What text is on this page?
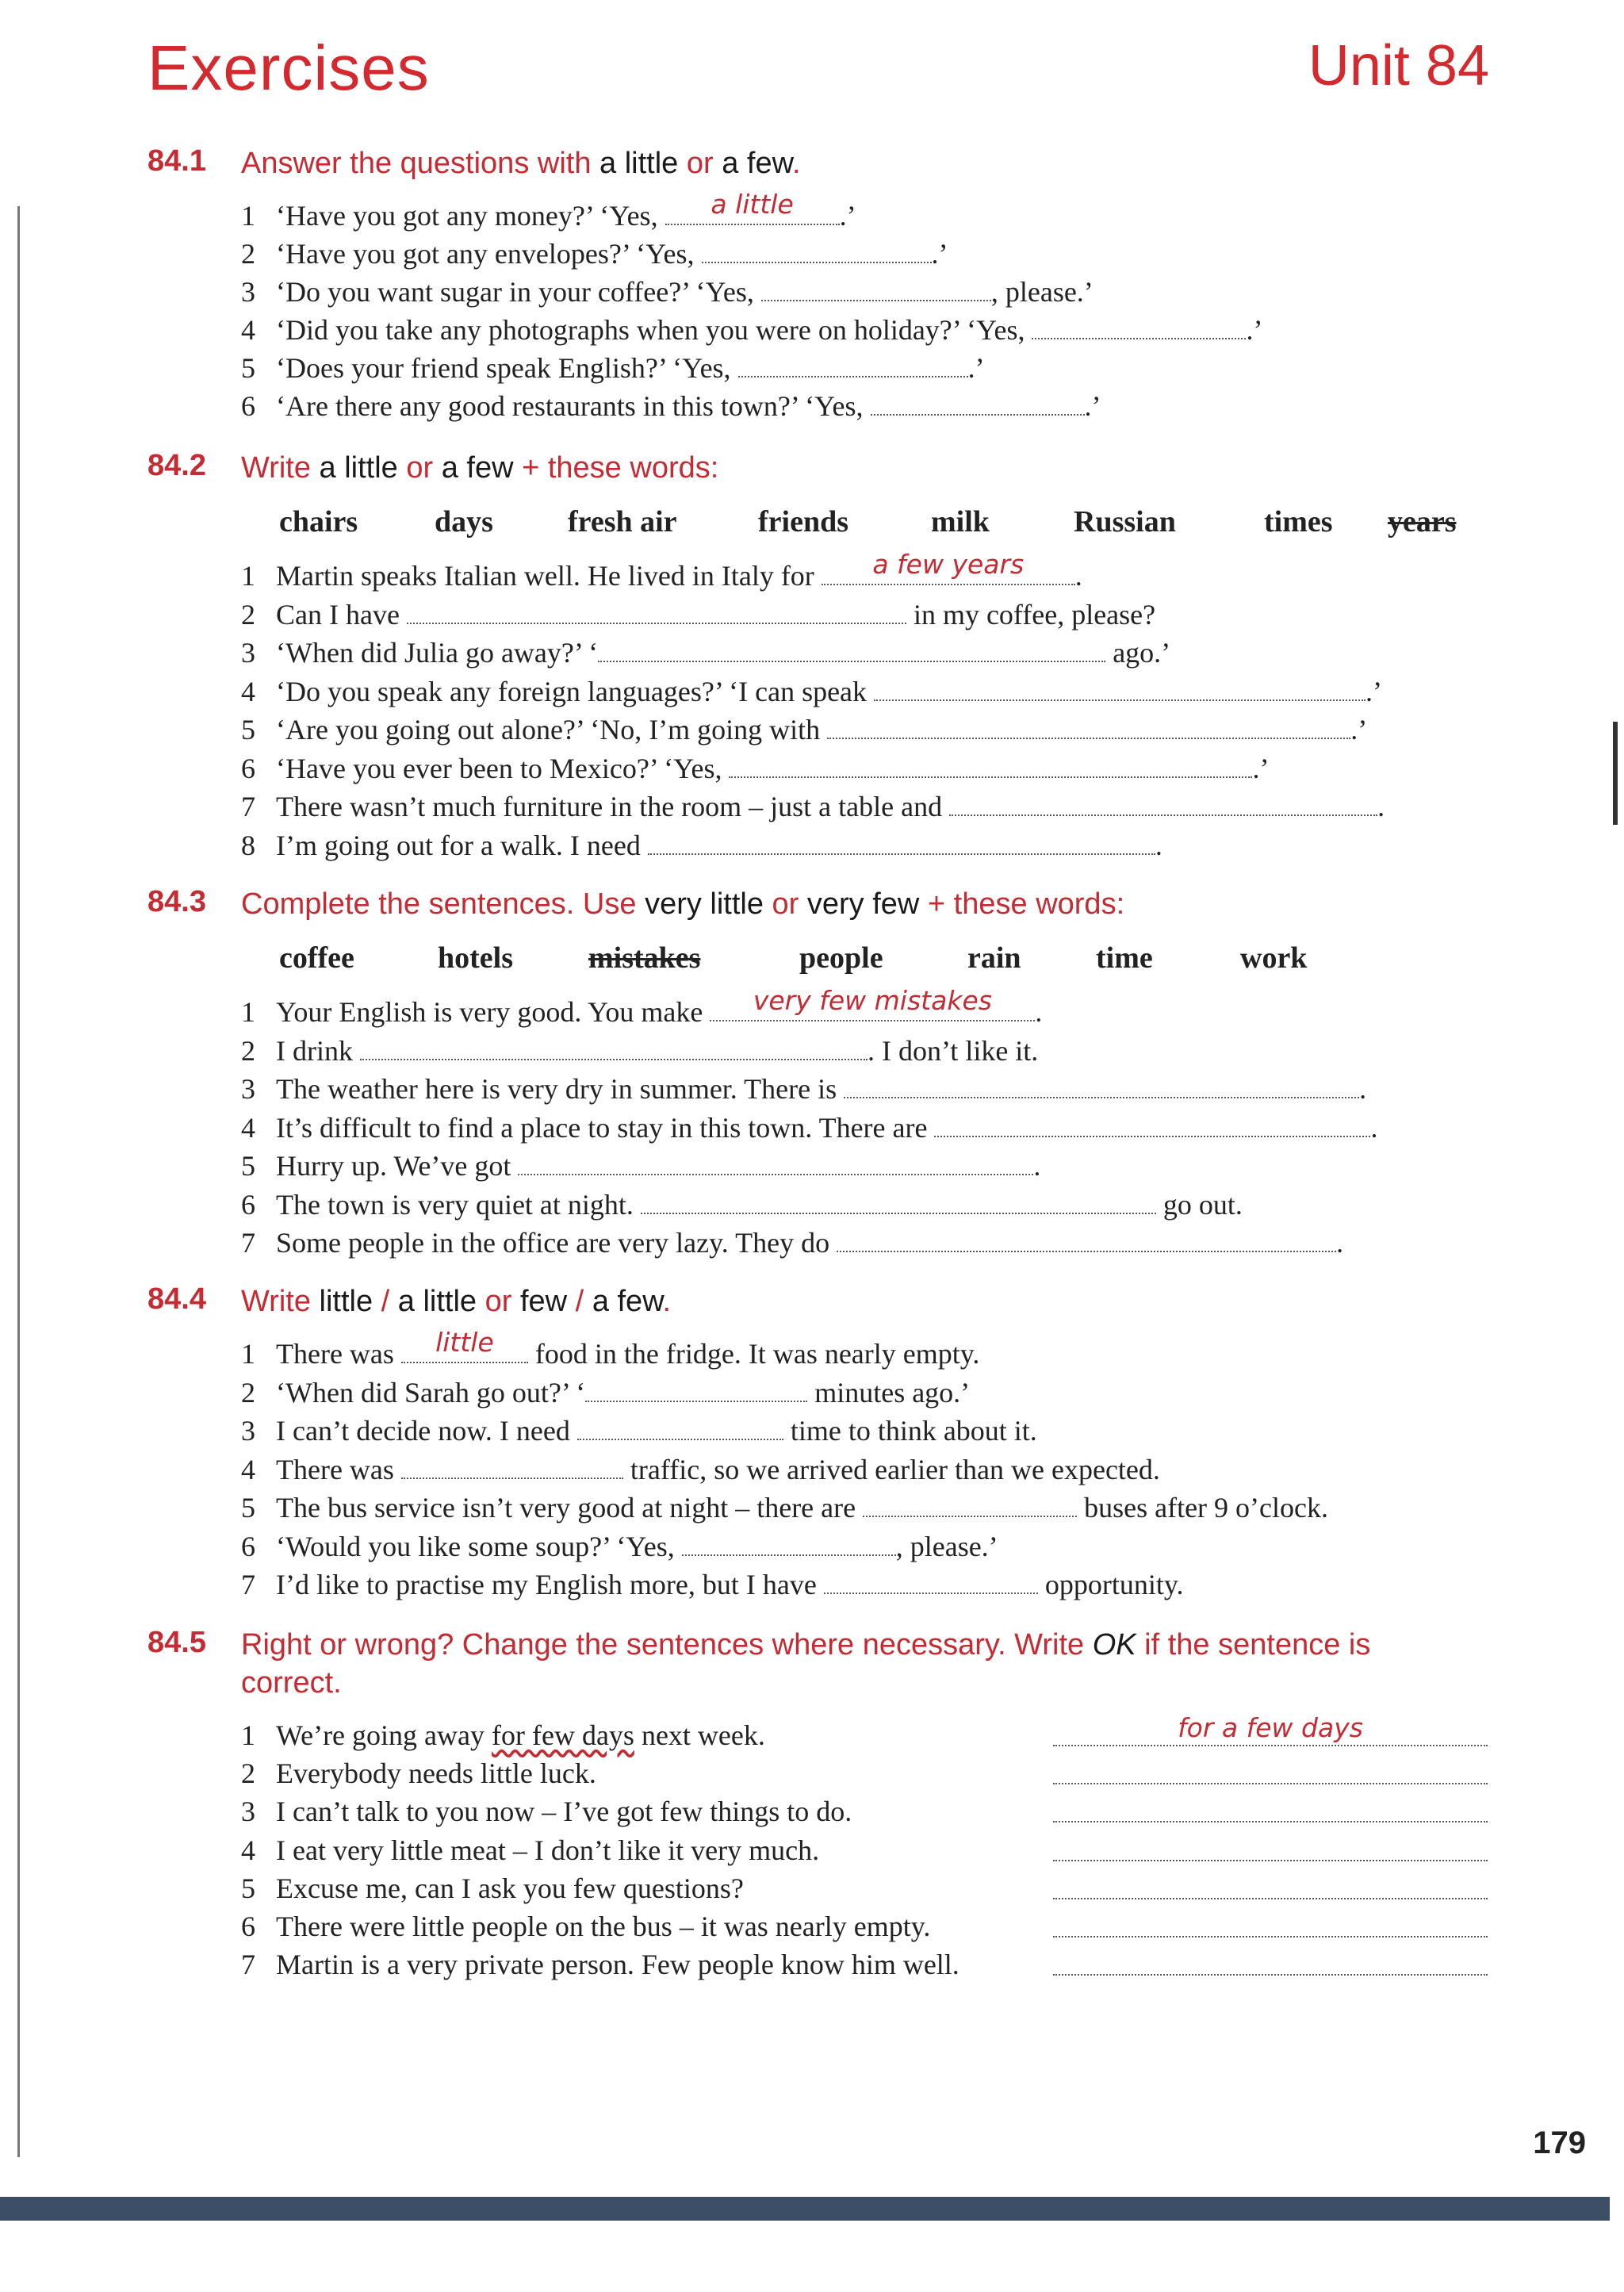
Exercises	Unit 84
84.1 Answer the questions with a little or a few.
1 ‘Have you got any money?’ ‘Yes,	a little	.’
2 ‘Have you got any envelopes?’ ‘Yes,	.’
3 ‘Do you want sugar in your coffee?’ ‘Yes,	, please.’
4 ‘Did you take any photographs when you were on holiday?’ ‘Yes,	.’
5 ‘Does your friend speak English?’ ‘Yes,	.’
6 ‘Are there any good restaurants in this town?’ ‘Yes,	.’
84.2 Write a little or a few + these words:
chairs	days	fresh air	friends	milk	Russian	times	years
1 Martin speaks Italian well. He lived in Italy for	a few years	.
2 Can I have	in my coffee, please?
3 ‘When did Julia go away?’ ‘	ago.’
4 ‘Do you speak any foreign languages?’ ‘I can speak	.’
5 ‘Are you going out alone?’ ‘No, I’m going with	.’
6 ‘Have you ever been to Mexico?’ ‘Yes,	.’
7 There wasn’t much furniture in the room – just a table and	.
8 I’m going out for a walk. I need	.
84.3 Complete the sentences. Use very little or very few + these words:
coffee	hotels	mistakes	people	rain	time	work
1 Your English is very good. You make	very few mistakes	.
2 I drink	. I don’t like it.
3 The weather here is very dry in summer. There is	.
4 It’s difficult to find a place to stay in this town. There are	.
5 Hurry up. We’ve got	.
6 The town is very quiet at night.	go out.
7 Some people in the office are very lazy. They do	.
84.4 Write little / a little or few / a few.
1 There was	little	food in the fridge. It was nearly empty.
2 ‘When did Sarah go out?’ ‘	minutes ago.’
3 I can’t decide now. I need	time to think about it.
4 There was	traffic, so we arrived earlier than we expected.
5 The bus service isn’t very good at night – there are	buses after 9 o’clock.
6 ‘Would you like some soup?’ ‘Yes,	, please.’
7 I’d like to practise my English more, but I have	opportunity.
84.5 Right or wrong? Change the sentences where necessary. Write OK if the sentence is correct.
for a few days
1 We’re going away for few days next week.
2 Everybody needs little luck.
3 I can’t talk to you now – I’ve got few things to do.
4 I eat very little meat – I don’t like it very much.
5 Excuse me, can I ask you few questions?
6 There were little people on the bus – it was nearly empty.
7 Martin is a very private person. Few people know him well.
179
